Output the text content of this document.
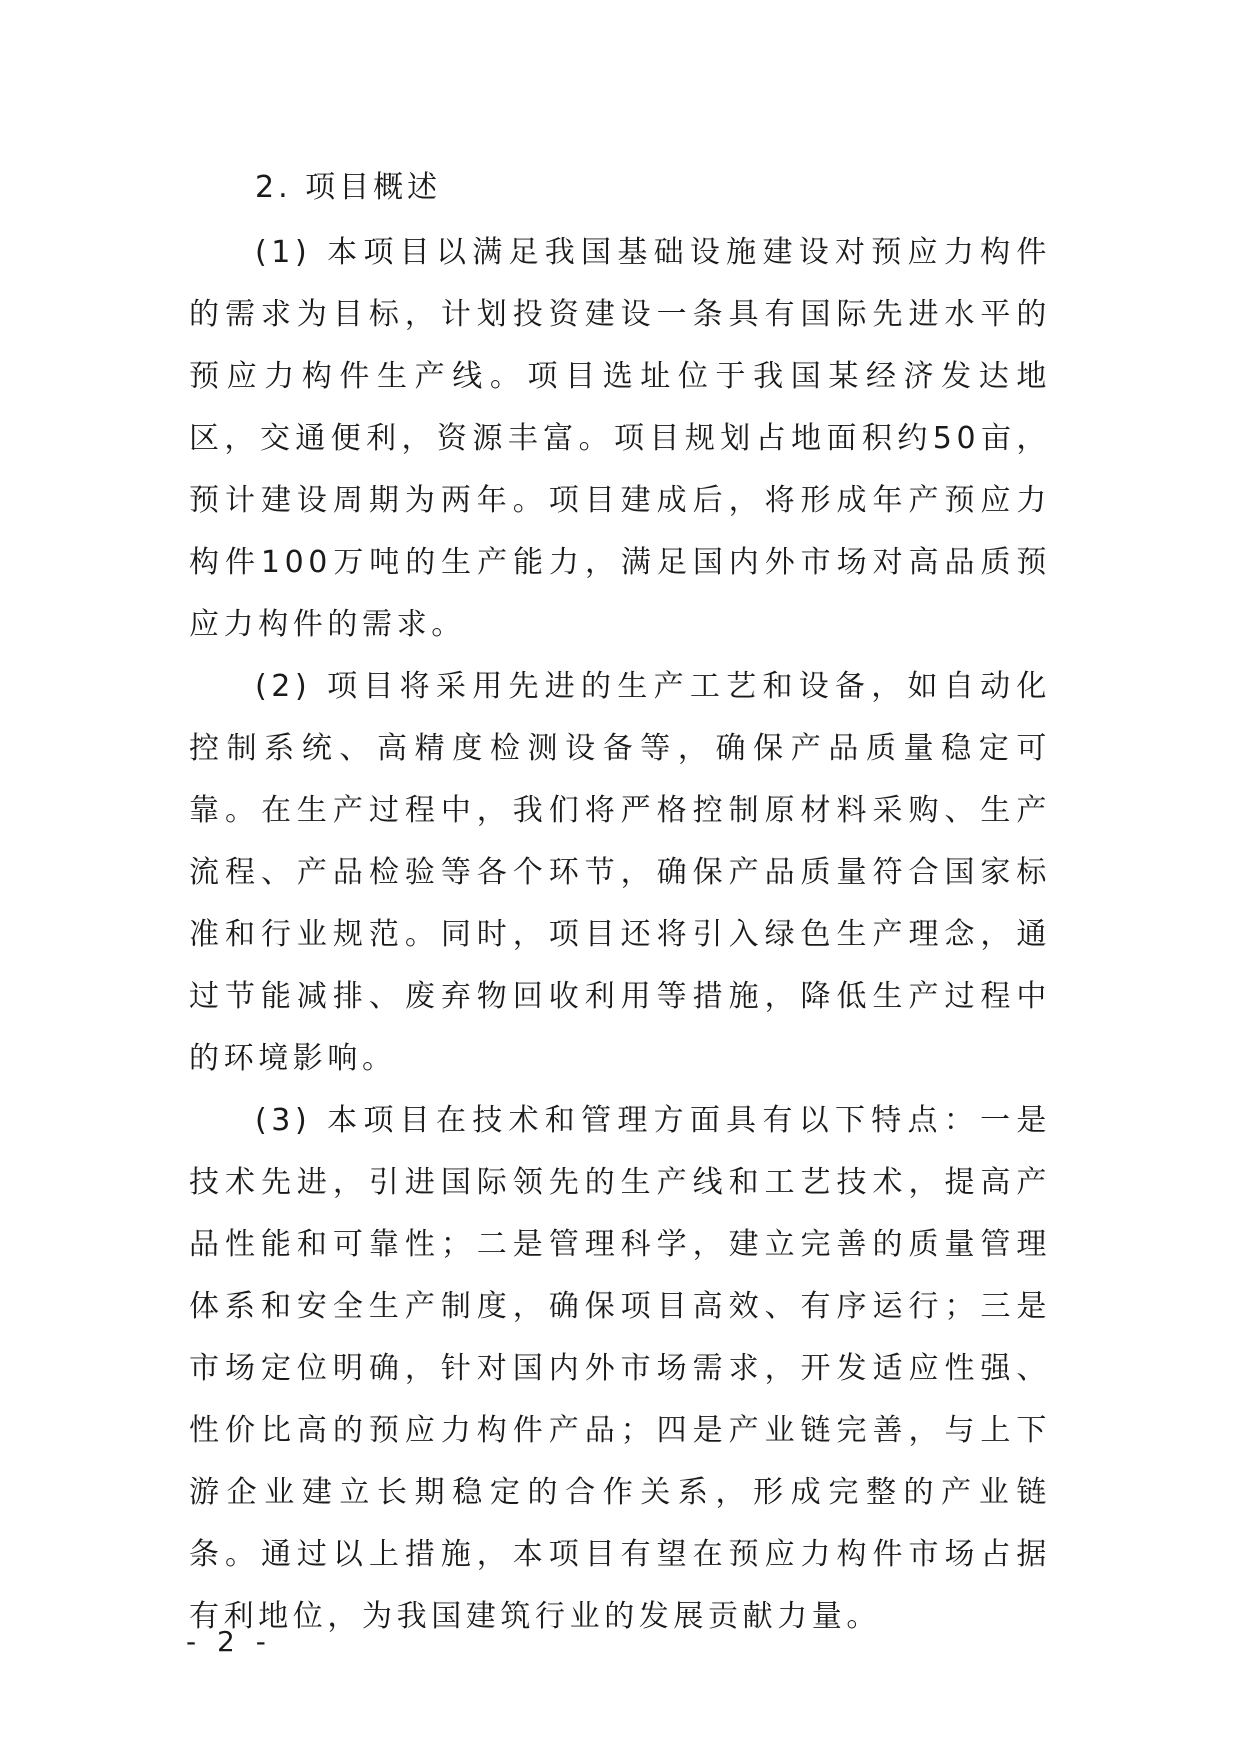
2. 项目概述

(1) 本项目以满足我国基础设施建设对预应力构件的需求为目标，计划投资建设一条具有国际先进水平的预应力构件生产线。项目选址位于我国某经济发达地区，交通便利，资源丰富。项目规划占地面积约50亩，预计建设周期为两年。项目建成后，将形成年产预应力构件100万吨的生产能力，满足国内外市场对高品质预应力构件的需求。

(2) 项目将采用先进的生产工艺和设备，如自动化控制系统、高精度检测设备等，确保产品质量稳定可靠。在生产过程中，我们将严格控制原材料采购、生产流程、产品检验等各个环节，确保产品质量符合国家标准和行业规范。同时，项目还将引入绿色生产理念，通过节能减排、废弃物回收利用等措施，降低生产过程中的环境影响。

(3) 本项目在技术和管理方面具有以下特点：一是技术先进，引进国际领先的生产线和工艺技术，提高产品性能和可靠性；二是管理科学，建立完善的质量管理体系和安全生产制度，确保项目高效、有序运行；三是市场定位明确，针对国内外市场需求，开发适应性强、性价比高的预应力构件产品；四是产业链完善，与上下游企业建立长期稳定的合作关系，形成完整的产业链条。通过以上措施，本项目有望在预应力构件市场占据有利地位，为我国建筑行业的发展贡献力量。

- 2 -
